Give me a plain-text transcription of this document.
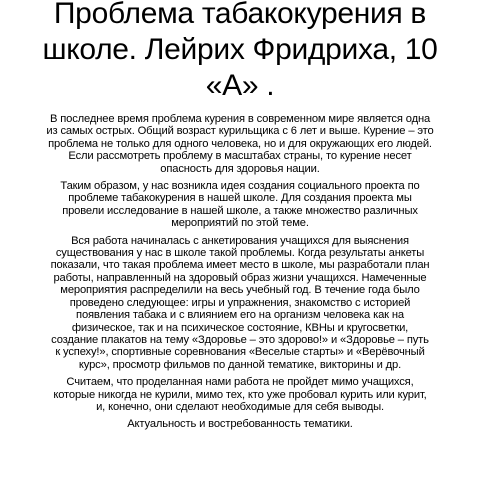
Проблема табакокурения в
школе. Лейрих Фридриха, 10
«А» .

В последнее время проблема курения в современном мире является одна
из самых острых. Общий возраст курильщика с 6 лет и выше. Курение – это
проблема не только для одного человека, но и для окружающих его людей.
Если рассмотреть проблему в масштабах страны, то курение несет
опасность для здоровья нации.

Таким образом, у нас возникла идея создания социального проекта по
проблеме табакокурения в нашей школе. Для создания проекта мы
провели исследование в нашей школе, а также множество различных
мероприятий по этой теме.

Вся работа начиналась с анкетирования учащихся для выяснения
существования у нас в школе такой проблемы. Когда результаты анкеты
показали, что такая проблема имеет место в школе, мы разработали план
работы, направленный на здоровый образ жизни учащихся. Намеченные
мероприятия распределили на весь учебный год. В течение года было
проведено следующее: игры и упражнения, знакомство с историей
появления табака и с влиянием его на организм человека как на
физическое, так и на психическое состояние, КВНы и кругосветки,
создание плакатов на тему «Здоровье – это здорово!» и «Здоровье – путь
к успеху!», спортивные соревнования «Веселые старты» и «Верёвочный
курс», просмотр фильмов по данной тематике, викторины и др.

Считаем, что проделанная нами работа не пройдет мимо учащихся,
которые никогда не курили, мимо тех, кто уже пробовал курить или курит,
и, конечно, они сделают необходимые для себя выводы.

Актуальность и востребованность тематики.
